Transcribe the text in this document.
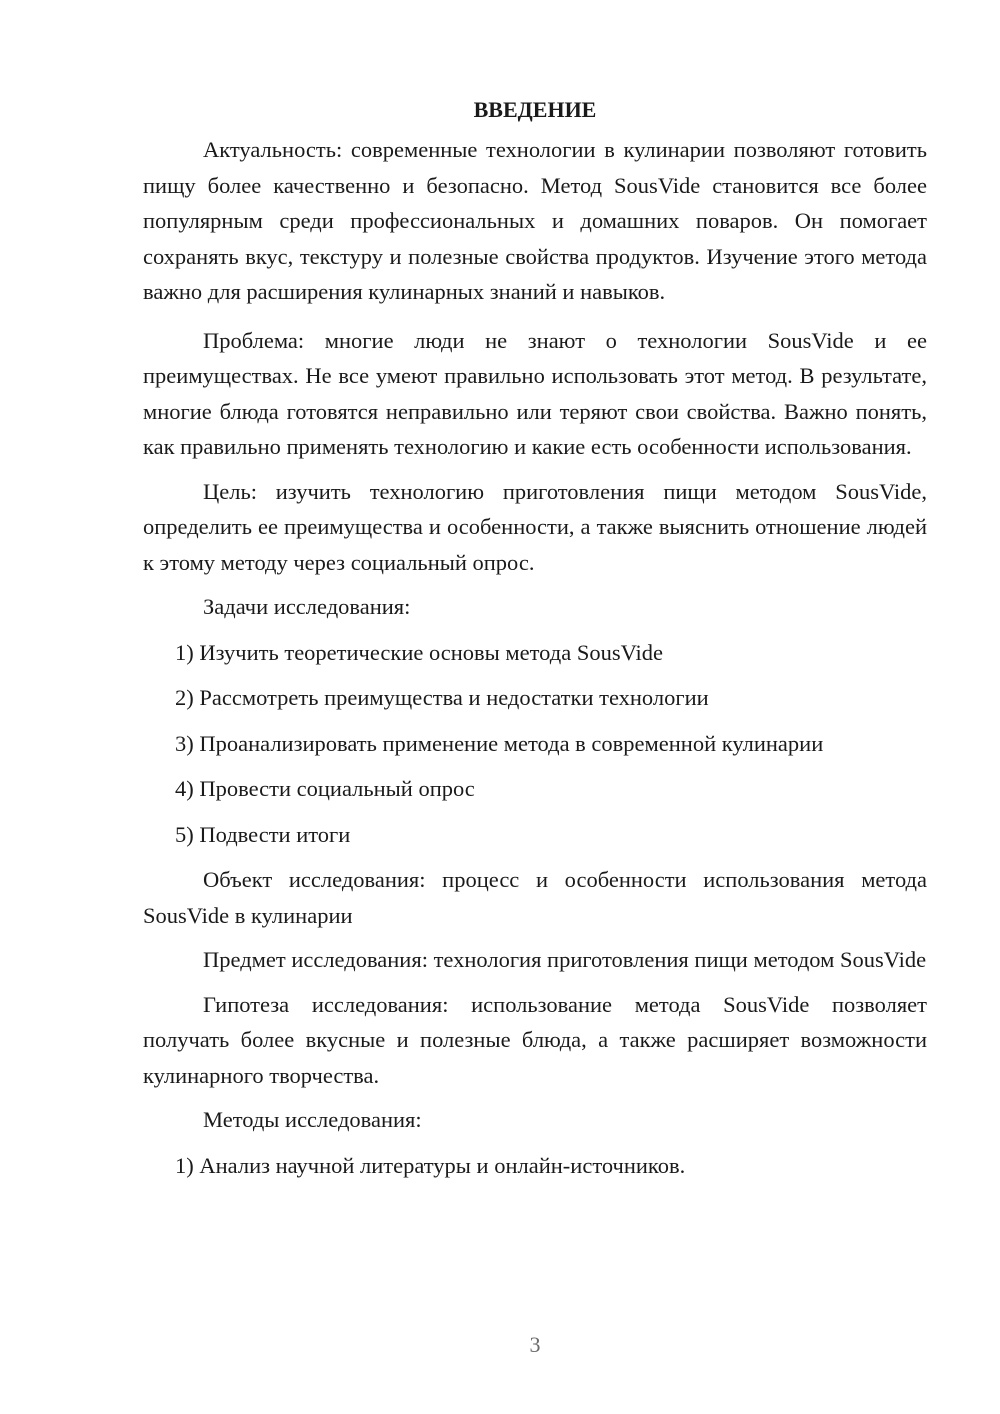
ВВЕДЕНИЕ

Актуальность: современные технологии в кулинарии позволяют готовить пищу более качественно и безопасно. Метод SousVide становится все более популярным среди профессиональных и домашних поваров. Он помогает сохранять вкус, текстуру и полезные свойства продуктов. Изучение этого метода важно для расширения кулинарных знаний и навыков.

Проблема: многие люди не знают о технологии SousVide и ее преимуществах. Не все умеют правильно использовать этот метод. В результате, многие блюда готовятся неправильно или теряют свои свойства. Важно понять, как правильно применять технологию и какие есть особенности использования.

Цель: изучить технологию приготовления пищи методом SousVide, определить ее преимущества и особенности, а также выяснить отношение людей к этому методу через социальный опрос.

Задачи исследования:

1) Изучить теоретические основы метода SousVide

2) Рассмотреть преимущества и недостатки технологии

3) Проанализировать применение метода в современной кулинарии

4) Провести социальный опрос

5) Подвести итоги

Объект исследования: процесс и особенности использования метода SousVide в кулинарии

Предмет исследования: технология приготовления пищи методом SousVide

Гипотеза исследования: использование метода SousVide позволяет получать более вкусные и полезные блюда, а также расширяет возможности кулинарного творчества.

Методы исследования:

1) Анализ научной литературы и онлайн-источников.

3
